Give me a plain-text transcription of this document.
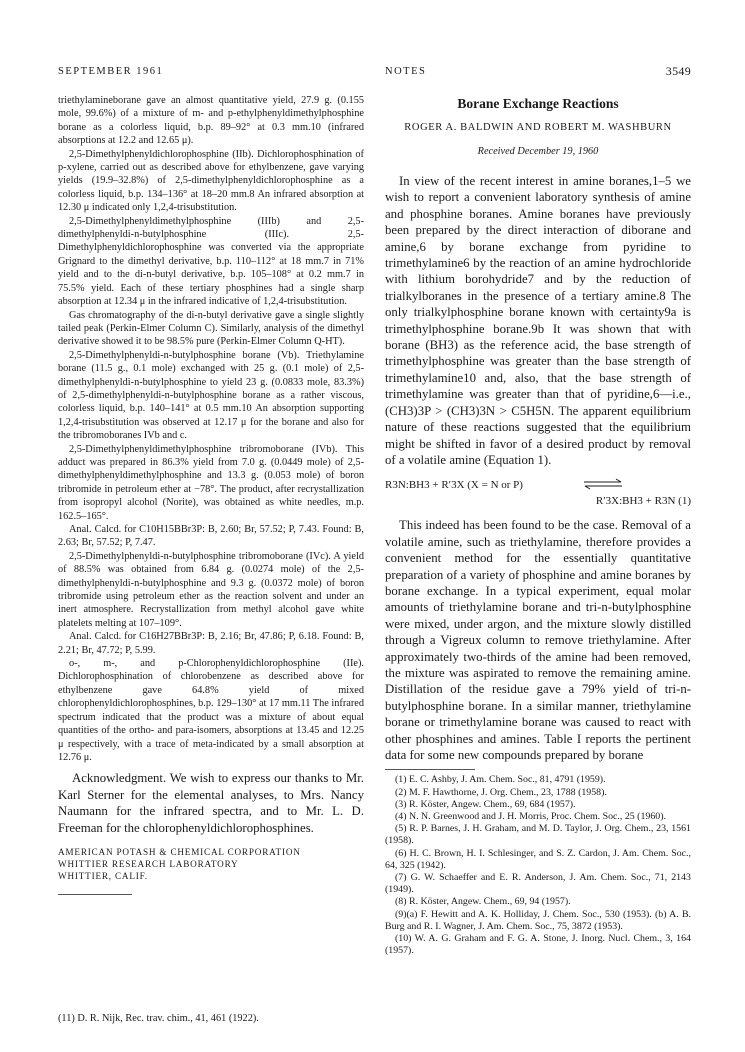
SEPTEMBER 1961	NOTES	3549

triethylamineborane gave an almost quantitative yield, 27.9 g. (0.155 mole, 99.6%) of a mixture of m- and p-ethylphenyldimethylphosphine borane as a colorless liquid, b.p. 89–92° at 0.3 mm.10 (infrared absorptions at 12.2 and 12.65 μ).

2,5-Dimethylphenyldichlorophosphine (IIb). Dichlorophosphination of p-xylene, carried out as described above for ethylbenzene, gave varying yields (19.9–32.8%) of 2,5-dimethylphenyldichlorophosphine as a colorless liquid, b.p. 134–136° at 18–20 mm.8 An infrared absorption at 12.30 μ indicated only 1,2,4-trisubstitution.

2,5-Dimethylphenyldimethylphosphine (IIIb) and 2,5-dimethylphenyldi-n-butylphosphine (IIIc). 2,5-Dimethylphenyldichlorophosphine was converted via the appropriate Grignard to the dimethyl derivative, b.p. 110–112° at 18 mm.7 in 71% yield and to the di-n-butyl derivative, b.p. 105–108° at 0.2 mm.7 in 75.5% yield. Each of these tertiary phosphines had a single sharp absorption at 12.34 μ in the infrared indicative of 1,2,4-trisubstitution.

Gas chromatography of the di-n-butyl derivative gave a single slightly tailed peak (Perkin-Elmer Column C). Similarly, analysis of the dimethyl derivative showed it to be 98.5% pure (Perkin-Elmer Column Q-HT).

2,5-Dimethylphenyldi-n-butylphosphine borane (Vb). Triethylamine borane (11.5 g., 0.1 mole) exchanged with 25 g. (0.1 mole) of 2,5-dimethylphenyldi-n-butylphosphine to yield 23 g. (0.0833 mole, 83.3%) of 2,5-dimethylphenyldi-n-butylphosphine borane as a rather viscous, colorless liquid, b.p. 140–141° at 0.5 mm.10 An absorption supporting 1,2,4-trisubstitution was observed at 12.17 μ for the borane and also for the tribromoboranes IVb and c.

2,5-Dimethylphenyldimethylphosphine tribromoborane (IVb). This adduct was prepared in 86.3% yield from 7.0 g. (0.0449 mole) of 2,5-dimethylphenyldimethylphosphine and 13.3 g. (0.053 mole) of boron tribromide in petroleum ether at −78°. The product, after recrystallization from isopropyl alcohol (Norite), was obtained as white needles, m.p. 162.5–165°.

Anal. Calcd. for C10H15BBr3P: B, 2.60; Br, 57.52; P, 7.43. Found: B, 2.63; Br, 57.52; P, 7.47.

2,5-Dimethylphenyldi-n-butylphosphine tribromoborane (IVc). A yield of 88.5% was obtained from 6.84 g. (0.0274 mole) of the 2,5-dimethylphenyldi-n-butylphosphine and 9.3 g. (0.0372 mole) of boron tribromide using petroleum ether as the reaction solvent and under an inert atmosphere. Recrystallization from methyl alcohol gave white platelets melting at 107–109°.

Anal. Calcd. for C16H27BBr3P: B, 2.16; Br, 47.86; P, 6.18. Found: B, 2.21; Br, 47.72; P, 5.99.

o-, m-, and p-Chlorophenyldichlorophosphine (IIe). Dichlorophosphination of chlorobenzene as described above for ethylbenzene gave 64.8% yield of mixed chlorophenyldichlorophosphines, b.p. 129–130° at 17 mm.11 The infrared spectrum indicated that the product was a mixture of about equal quantities of the ortho- and para-isomers, absorptions at 13.45 and 12.25 μ respectively, with a trace of meta-indicated by a small absorption at 12.76 μ.

Acknowledgment. We wish to express our thanks to Mr. Karl Sterner for the elemental analyses, to Mrs. Nancy Naumann for the infrared spectra, and to Mr. L. D. Freeman for the chlorophenyldichlorophosphines.

AMERICAN POTASH & CHEMICAL CORPORATION
WHITTIER RESEARCH LABORATORY
WHITTIER, CALIF.
(11) D. R. Nijk, Rec. trav. chim., 41, 461 (1922).
Borane Exchange Reactions
ROGER A. BALDWIN AND ROBERT M. WASHBURN
Received December 19, 1960

In view of the recent interest in amine boranes,1–5 we wish to report a convenient laboratory synthesis of amine and phosphine boranes. Amine boranes have previously been prepared by the direct interaction of diborane and amine,6 by borane exchange from pyridine to trimethylamine6 by the reaction of an amine hydrochloride with lithium borohydride7 and by the reduction of trialkylboranes in the presence of a tertiary amine.8 The only trialkylphosphine borane known with certainty9a is trimethylphosphine borane.9b It was shown that with borane (BH3) as the reference acid, the base strength of trimethylphosphine was greater than the base strength of trimethylamine10 and, also, that the base strength of trimethylamine was greater than that of pyridine,6—i.e., (CH3)3P > (CH3)3N > C5H5N. The apparent equilibrium nature of these reactions suggested that the equilibrium might be shifted in favor of a desired product by removal of a volatile amine (Equation 1).

R3N:BH3 + R′3X (X = N or P)
R′3X:BH3 + R3N (1)

This indeed has been found to be the case. Removal of a volatile amine, such as triethylamine, therefore provides a convenient method for the essentially quantitative preparation of a variety of phosphine and amine boranes by borane exchange. In a typical experiment, equal molar amounts of triethylamine borane and tri-n-butylphosphine were mixed, under argon, and the mixture slowly distilled through a Vigreux column to remove triethylamine. After approximately two-thirds of the amine had been removed, the mixture was aspirated to remove the remaining amine. Distillation of the residue gave a 79% yield of tri-n-butylphosphine borane. In a similar manner, triethylamine borane or trimethylamine borane was caused to react with other phosphines and amines. Table I reports the pertinent data for some new compounds prepared by borane

(1) E. C. Ashby, J. Am. Chem. Soc., 81, 4791 (1959).

(2) M. F. Hawthorne, J. Org. Chem., 23, 1788 (1958).

(3) R. Köster, Angew. Chem., 69, 684 (1957).

(4) N. N. Greenwood and J. H. Morris, Proc. Chem. Soc., 25 (1960).

(5) R. P. Barnes, J. H. Graham, and M. D. Taylor, J. Org. Chem., 23, 1561 (1958).

(6) H. C. Brown, H. I. Schlesinger, and S. Z. Cardon, J. Am. Chem. Soc., 64, 325 (1942).

(7) G. W. Schaeffer and E. R. Anderson, J. Am. Chem. Soc., 71, 2143 (1949).

(8) R. Köster, Angew. Chem., 69, 94 (1957).

(9)(a) F. Hewitt and A. K. Holliday, J. Chem. Soc., 530 (1953). (b) A. B. Burg and R. I. Wagner, J. Am. Chem. Soc., 75, 3872 (1953).

(10) W. A. G. Graham and F. G. A. Stone, J. Inorg. Nucl. Chem., 3, 164 (1957).
